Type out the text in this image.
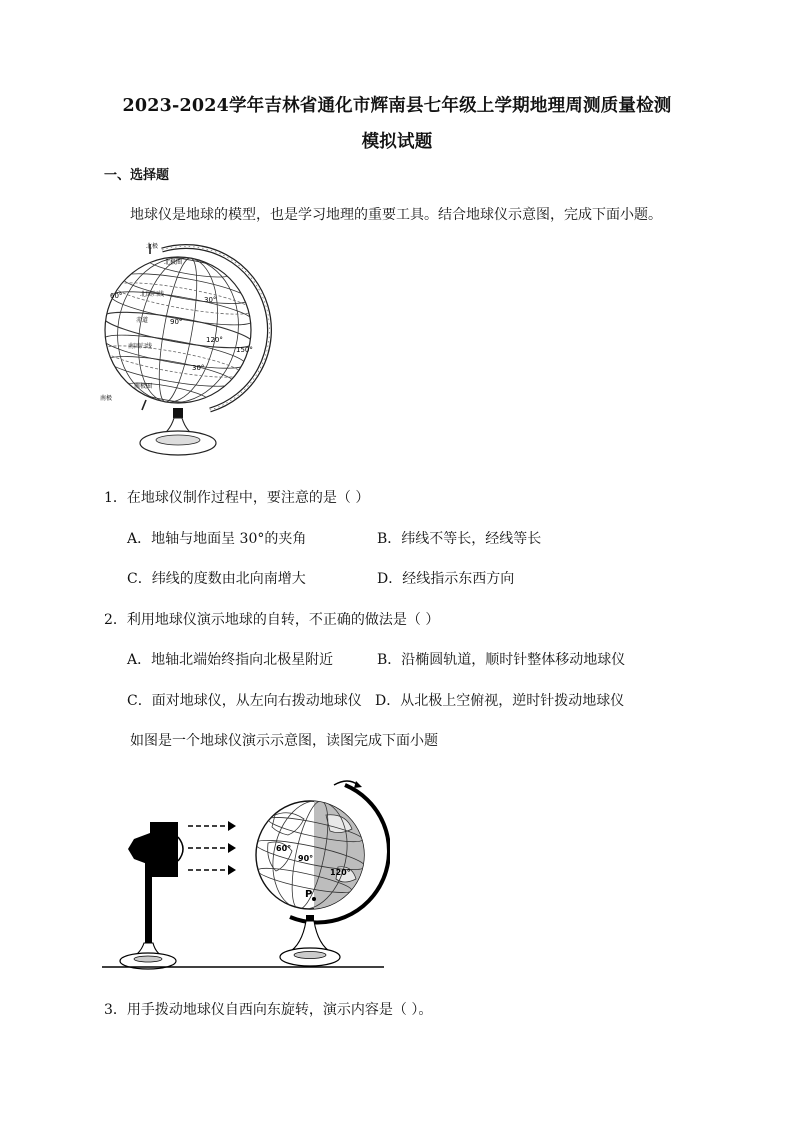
2023-2024学年吉林省通化市辉南县七年级上学期地理周测质量检测
模拟试题
一、选择题
地球仪是地球的模型，也是学习地理的重要工具。结合地球仪示意图，完成下面小题。
北极
北极圈
北回归线
赤道
南回归线
南极圈
南极
60°
90°
120°
150°
30°
30°
1．在地球仪制作过程中，要注意的是（ ）
A．地轴与地面呈 30°的夹角	B．纬线不等长，经线等长
C．纬线的度数由北向南增大	D．经线指示东西方向
2．利用地球仪演示地球的自转，不正确的做法是（ ）
A．地轴北端始终指向北极星附近	B．沿椭圆轨道，顺时针整体移动地球仪
C．面对地球仪，从左向右拨动地球仪 D．从北极上空俯视，逆时针拨动地球仪
如图是一个地球仪演示示意图，读图完成下面小题
60°
90°
120°
P
3．用手拨动地球仪自西向东旋转，演示内容是（ ）。
